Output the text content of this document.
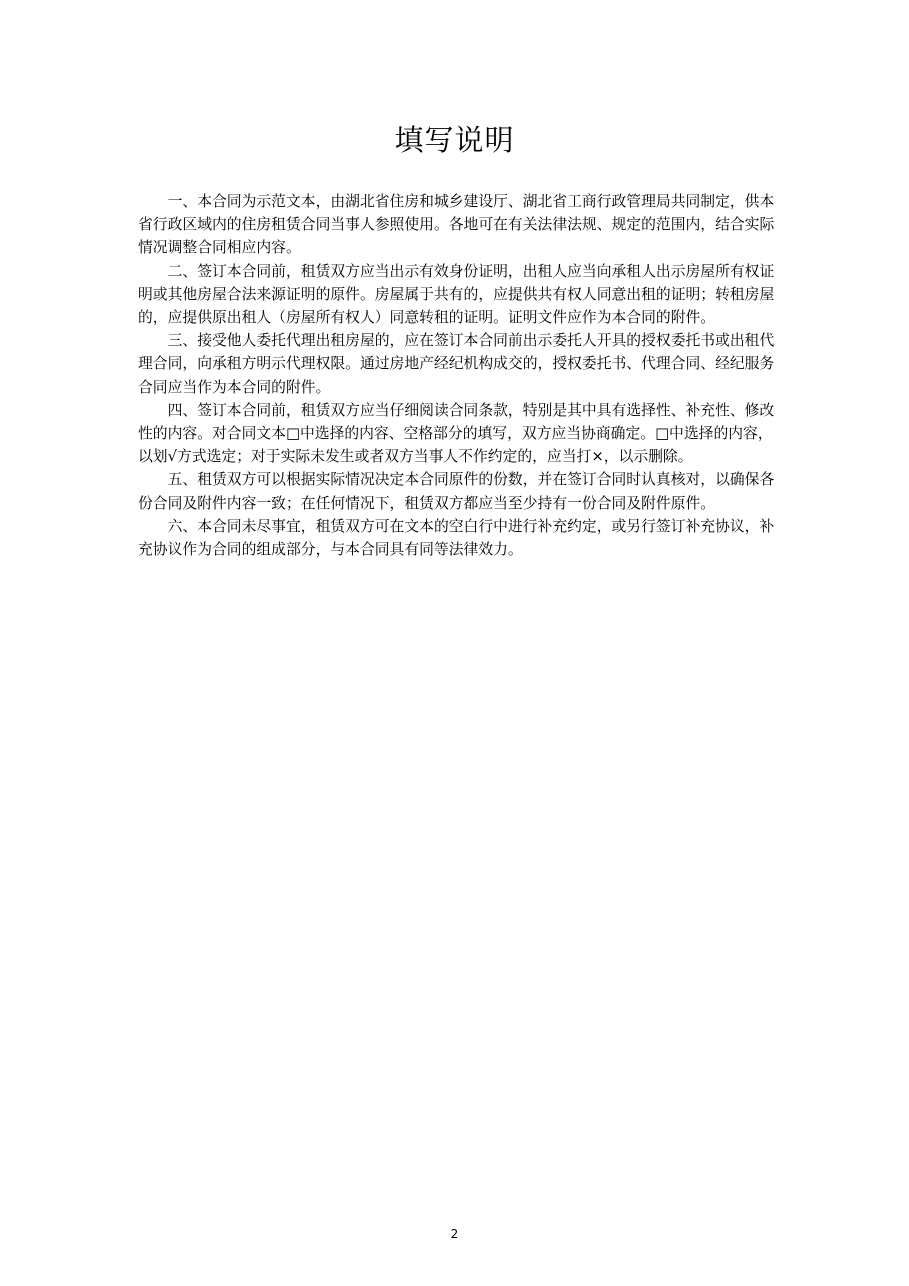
填写说明

一、本合同为示范文本，由湖北省住房和城乡建设厅、湖北省工商行政管理局共同制定，供本省行政区域内的住房租赁合同当事人参照使用。各地可在有关法律法规、规定的范围内，结合实际情况调整合同相应内容。

二、签订本合同前，租赁双方应当出示有效身份证明，出租人应当向承租人出示房屋所有权证明或其他房屋合法来源证明的原件。房屋属于共有的，应提供共有权人同意出租的证明；转租房屋的，应提供原出租人（房屋所有权人）同意转租的证明。证明文件应作为本合同的附件。

三、接受他人委托代理出租房屋的，应在签订本合同前出示委托人开具的授权委托书或出租代理合同，向承租方明示代理权限。通过房地产经纪机构成交的，授权委托书、代理合同、经纪服务合同应当作为本合同的附件。

四、签订本合同前，租赁双方应当仔细阅读合同条款，特别是其中具有选择性、补充性、修改性的内容。对合同文本□中选择的内容、空格部分的填写，双方应当协商确定。□中选择的内容，以划√方式选定；对于实际未发生或者双方当事人不作约定的，应当打×，以示删除。

五、租赁双方可以根据实际情况决定本合同原件的份数，并在签订合同时认真核对，以确保各份合同及附件内容一致；在任何情况下，租赁双方都应当至少持有一份合同及附件原件。

六、本合同未尽事宜，租赁双方可在文本的空白行中进行补充约定，或另行签订补充协议，补充协议作为合同的组成部分，与本合同具有同等法律效力。

2
